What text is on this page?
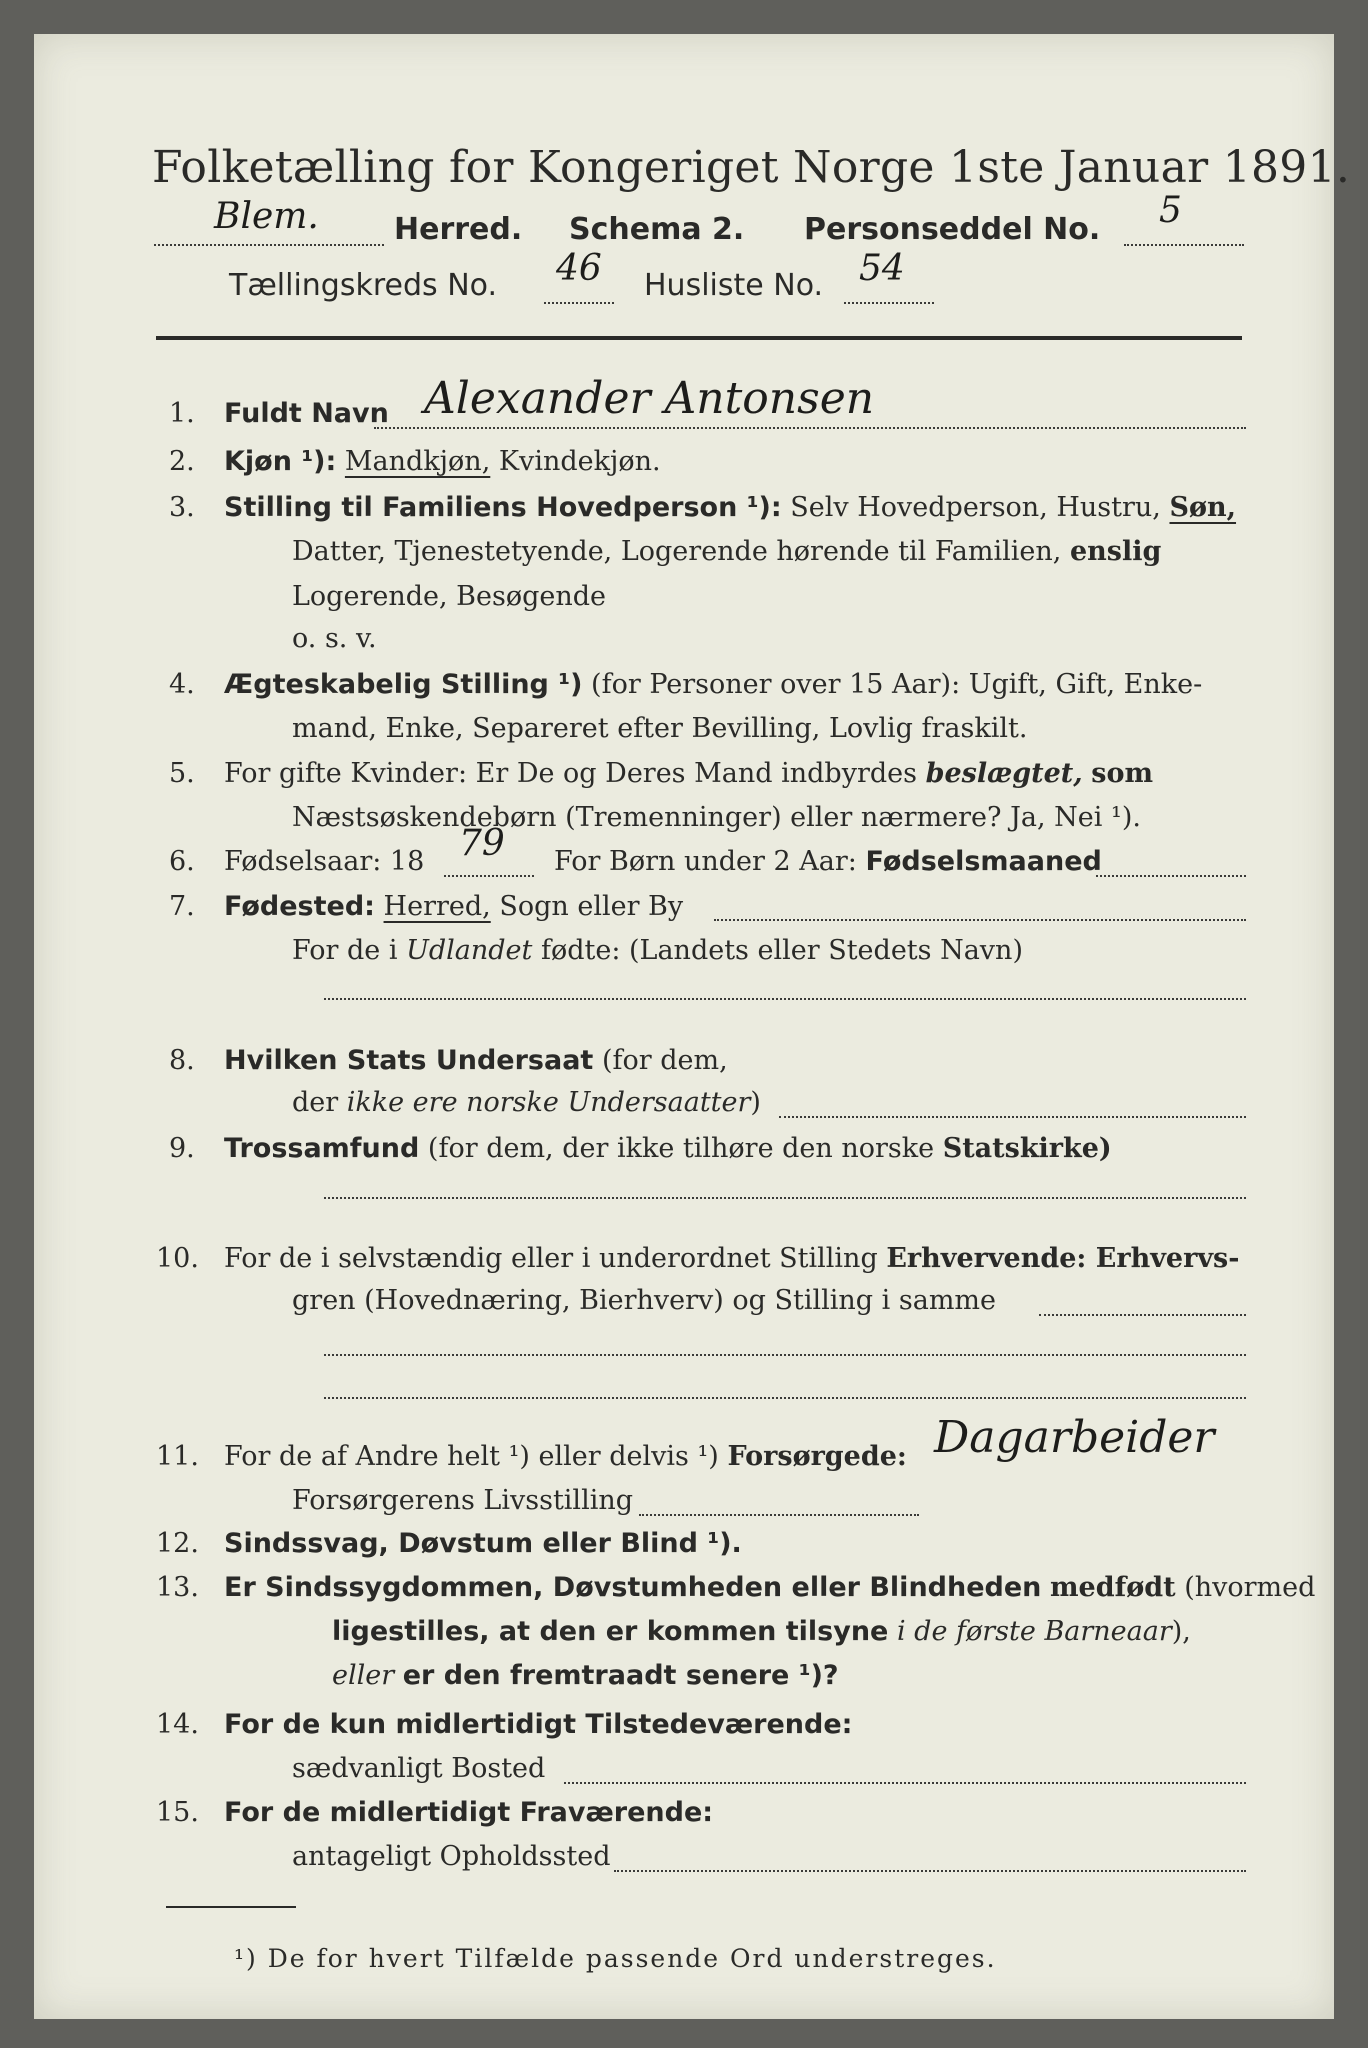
Folketælling for Kongeriget Norge 1ste Januar 1891.
Blem.	Herred. Schema 2. Personseddel No. 5
Tællingskreds No. 46 Husliste No. 54
1. Fuldt Navn Alexander Antonsen
2. Kjøn ¹): Mandkjøn, Kvindekjøn.
3. Stilling til Familiens Hovedperson ¹): Selv Hovedperson, Hustru, Søn,
Datter, Tjenestetyende, Logerende hørende til Familien, enslig
Logerende, Besøgende
o. s. v.
4. Ægteskabelig Stilling ¹) (for Personer over 15 Aar): Ugift, Gift, Enke-
mand, Enke, Separeret efter Bevilling, Lovlig fraskilt.
5. For gifte Kvinder: Er De og Deres Mand indbyrdes beslægtet, som
Næstsøskendebørn (Tremenninger) eller nærmere? Ja, Nei ¹).
6. Fødselsaar: 18 79 For Børn under 2 Aar: Fødselsmaaned
7. Fødested: Herred, Sogn eller By
For de i Udlandet fødte: (Landets eller Stedets Navn)
8. Hvilken Stats Undersaat (for dem,
der ikke ere norske Undersaatter)
9. Trossamfund (for dem, der ikke tilhøre den norske Statskirke)
10. For de i selvstændig eller i underordnet Stilling Erhvervende: Erhvervs-
gren (Hovednæring, Bierhverv) og Stilling i samme
11. For de af Andre helt ¹) eller delvis ¹) Forsørgede: Dagarbeider
Forsørgerens Livsstilling
12. Sindssvag, Døvstum eller Blind ¹).
13. Er Sindssygdommen, Døvstumheden eller Blindheden medfødt (hvormed
ligestilles, at den er kommen tilsyne i de første Barneaar),
eller er den fremtraadt senere ¹)?
14. For de kun midlertidigt Tilstedeværende:
sædvanligt Bosted
15. For de midlertidigt Fraværende:
antageligt Opholdssted
¹) De for hvert Tilfælde passende Ord understreges.
